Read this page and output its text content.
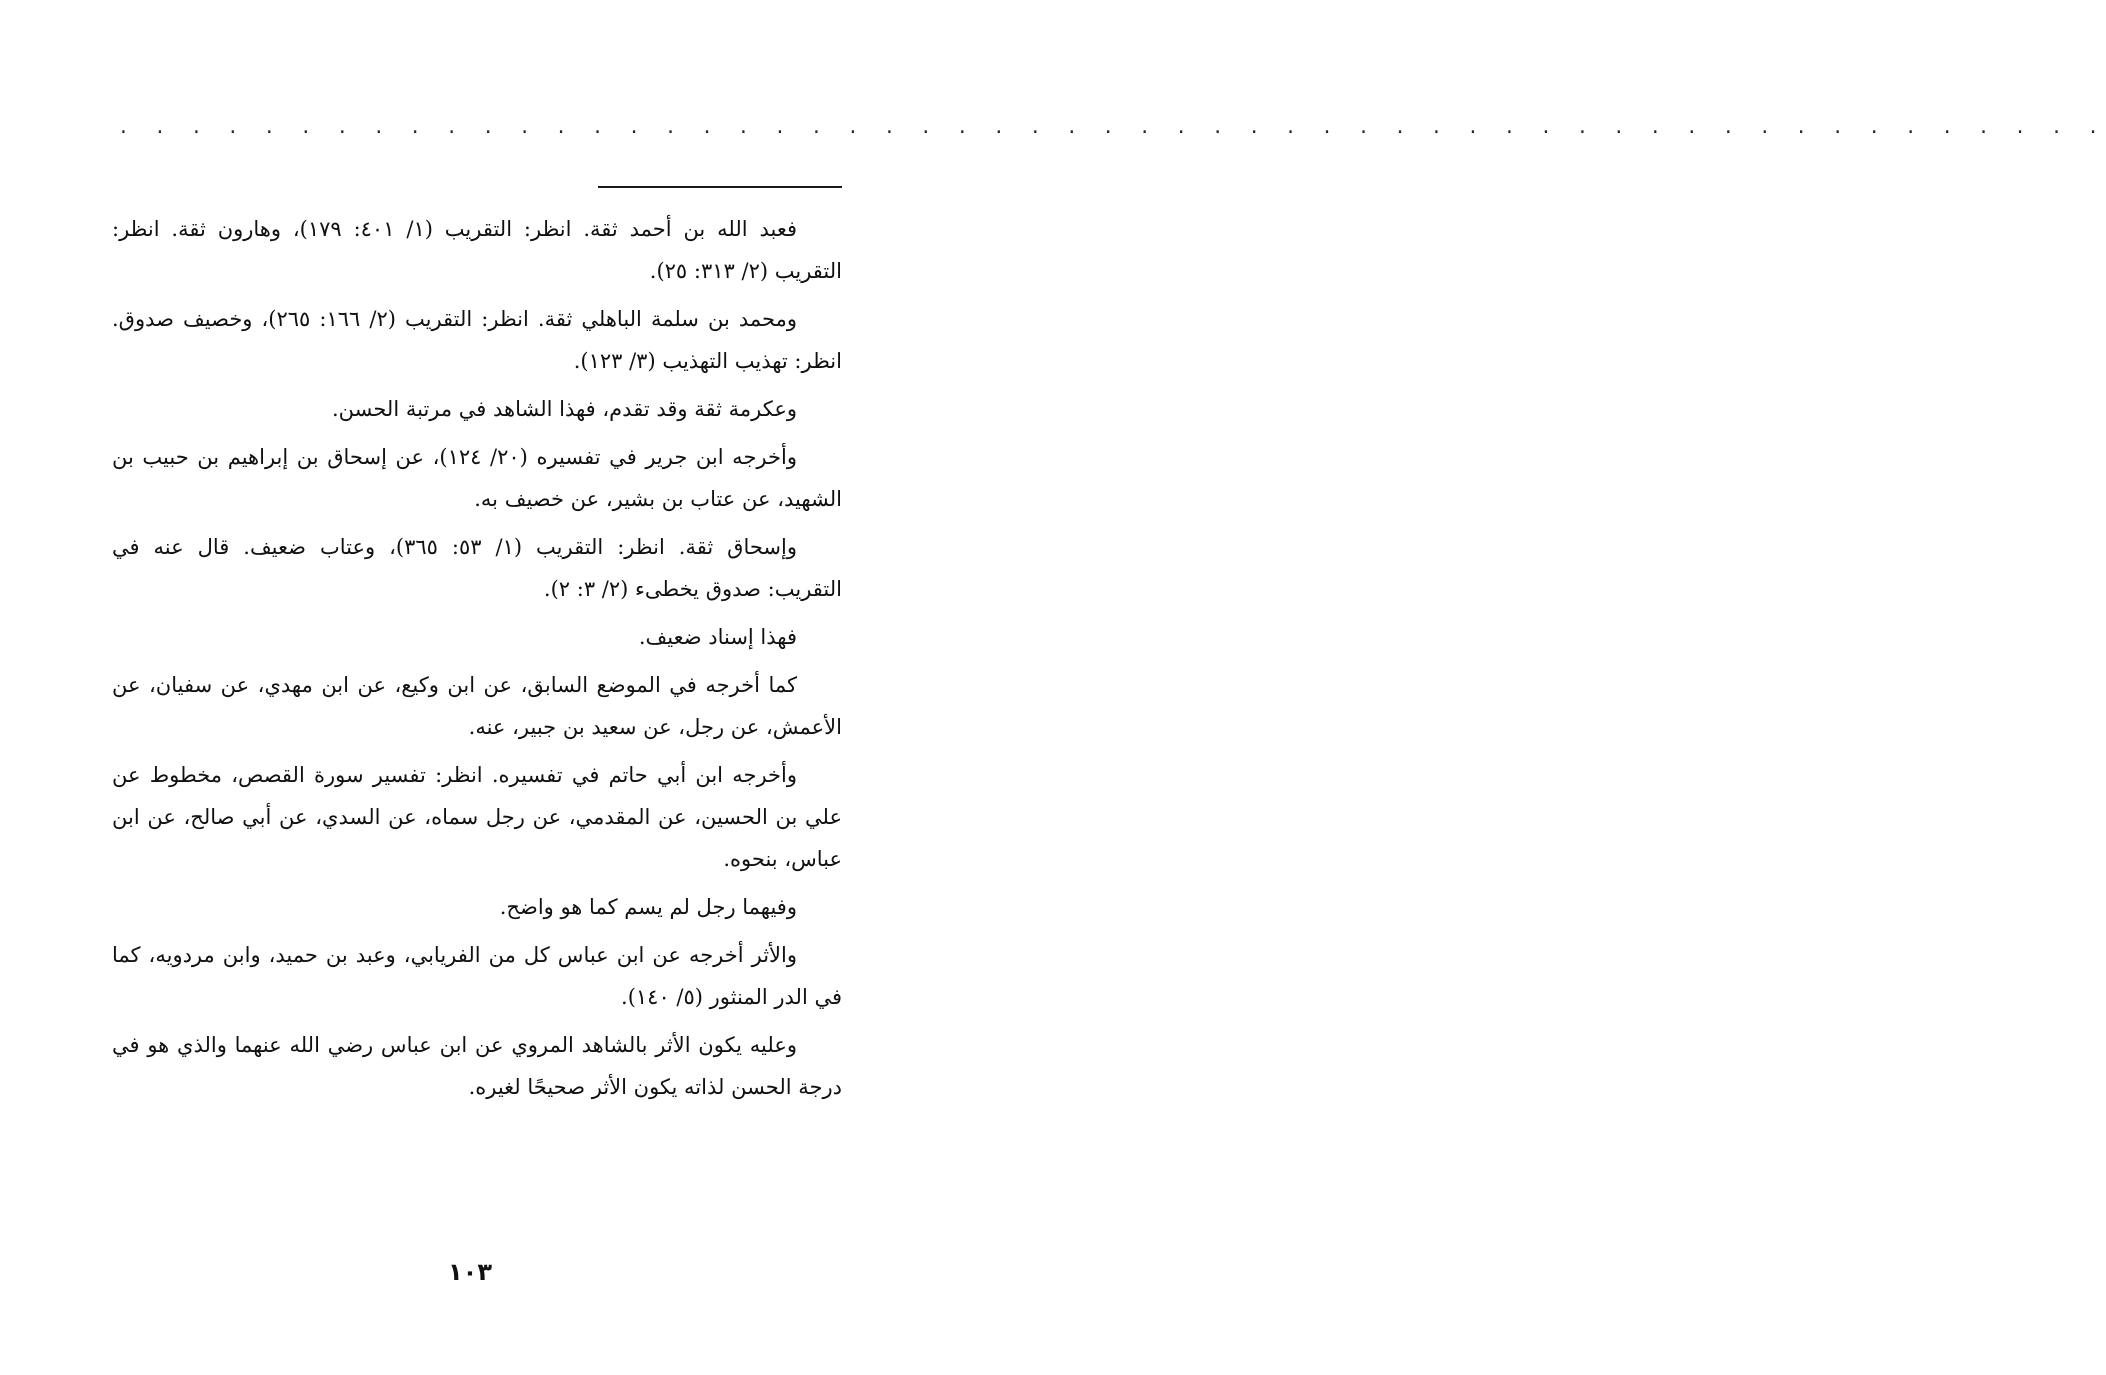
· · · · · · · · · · · · · · · · · · · · · · · · · · · · · · · · · · · · · · · · · · · · · · · · · · · · · · ·

فعبد الله بن أحمد ثقة. انظر: التقريب (١/ ٤٠١: ١٧٩)، وهارون ثقة. انظر: التقريب (٢/ ٣١٣: ٢٥).

ومحمد بن سلمة الباهلي ثقة. انظر: التقريب (٢/ ١٦٦: ٢٦٥)، وخصيف صدوق. انظر: تهذيب التهذيب (٣/ ١٢٣).

وعكرمة ثقة وقد تقدم، فهذا الشاهد في مرتبة الحسن.

وأخرجه ابن جرير في تفسيره (٢٠/ ١٢٤)، عن إسحاق بن إبراهيم بن حبيب بن الشهيد، عن عتاب بن بشير، عن خصيف به.

وإسحاق ثقة. انظر: التقريب (١/ ٥٣: ٣٦٥)، وعتاب ضعيف. قال عنه في التقريب: صدوق يخطىء (٢/ ٣: ٢).

فهذا إسناد ضعيف.

كما أخرجه في الموضع السابق، عن ابن وكيع، عن ابن مهدي، عن سفيان، عن الأعمش، عن رجل، عن سعيد بن جبير، عنه.

وأخرجه ابن أبي حاتم في تفسيره. انظر: تفسير سورة القصص، مخطوط عن علي بن الحسين، عن المقدمي، عن رجل سماه، عن السدي، عن أبي صالح، عن ابن عباس، بنحوه.

وفيهما رجل لم يسم كما هو واضح.

والأثر أخرجه عن ابن عباس كل من الفريابي، وعبد بن حميد، وابن مردويه، كما في الدر المنثور (٥/ ١٤٠).

وعليه يكون الأثر بالشاهد المروي عن ابن عباس رضي الله عنهما والذي هو في درجة الحسن لذاته يكون الأثر صحيحًا لغيره.

١٠٣
